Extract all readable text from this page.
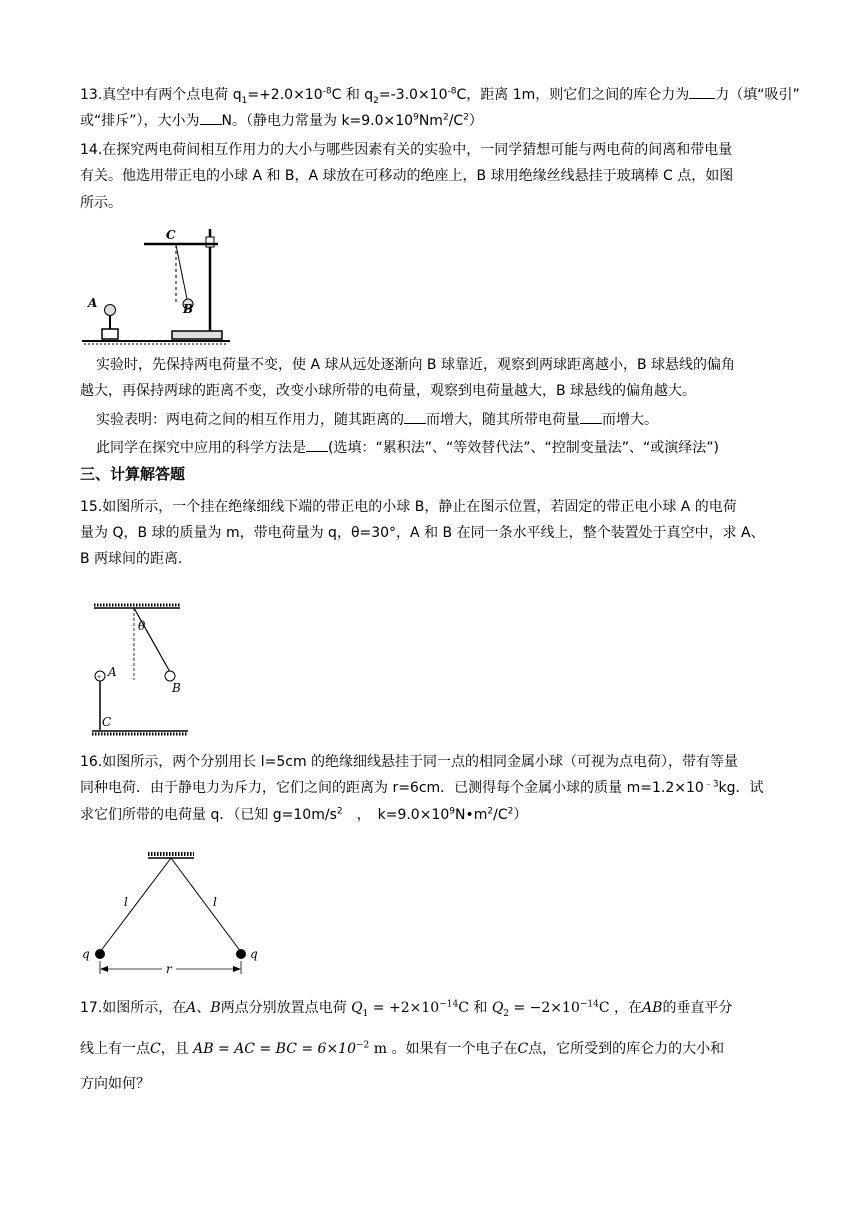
13.真空中有两个点电荷 $q_1=+2.0\times 10^{-8}C$ 和 $q_2=-3.0\times 10^{-8}C$，距离 1m，则它们之间的库仑力为 力（填“吸引”
或“排斥”），大小为 N。（静电力常量为 $k=9.0\times 10^9Nm^2/C^2$）
14.在探究两电荷间相互作用力的大小与哪些因素有关的实验中，一同学猜想可能与两电荷的间离和带电量
有关。他选用带正电的小球 A 和 B，A 球放在可移动的绝座上，B 球用绝缘丝线悬挂于玻璃棒 C 点，如图
所示。
A
C
B
实验时，先保持两电荷量不变，使 A 球从远处逐渐向 B 球靠近，观察到两球距离越小，B 球悬线的偏角
越大，再保持两球的距离不变，改变小球所带的电荷量，观察到电荷量越大，B 球悬线的偏角越大。
实验表明：两电荷之间的相互作用力，随其距离的 而增大，随其所带电荷量 而增大。
此同学在探究中应用的科学方法是 (选填：“累积法”、“等效替代法”、“控制变量法”、“或演绎法”)
三、计算解答题
15.如图所示，一个挂在绝缘细线下端的带正电的小球 B，静止在图示位置，若固定的带正电小球 A 的电荷
量为 Q，B 球的质量为 m，带电荷量为 q，θ=30°，A 和 B 在同一条水平线上，整个装置处于真空中，求 A、
B 两球间的距离．
θ
B
+ A
C
16.如图所示，两个分别用长 l=5cm 的绝缘细线悬挂于同一点的相同金属小球（可视为点电荷），带有等量
同种电荷．由于静电力为斥力，它们之间的距离为 r=6cm．已测得每个金属小球的质量 $m=1.2\times 10^{﹣3}kg$．试
求它们所带的电荷量 q．（已知 $g=10m/s^2$　，　$k=9.0\times 10^9N•m^2/C^2$）
l	l
q	q
r
17.如图所示，在A、B两点分别放置点电荷 $Q_1 = +2\times 10^{-14}C$ 和 $Q_2 = -2\times 10^{-14}C$ ，在AB的垂直平分
线上有一点C，且 AB = AC = BC = $6\times 10^{-2}$ m 。如果有一个电子在C点，它所受到的库仑力的大小和
方向如何？
